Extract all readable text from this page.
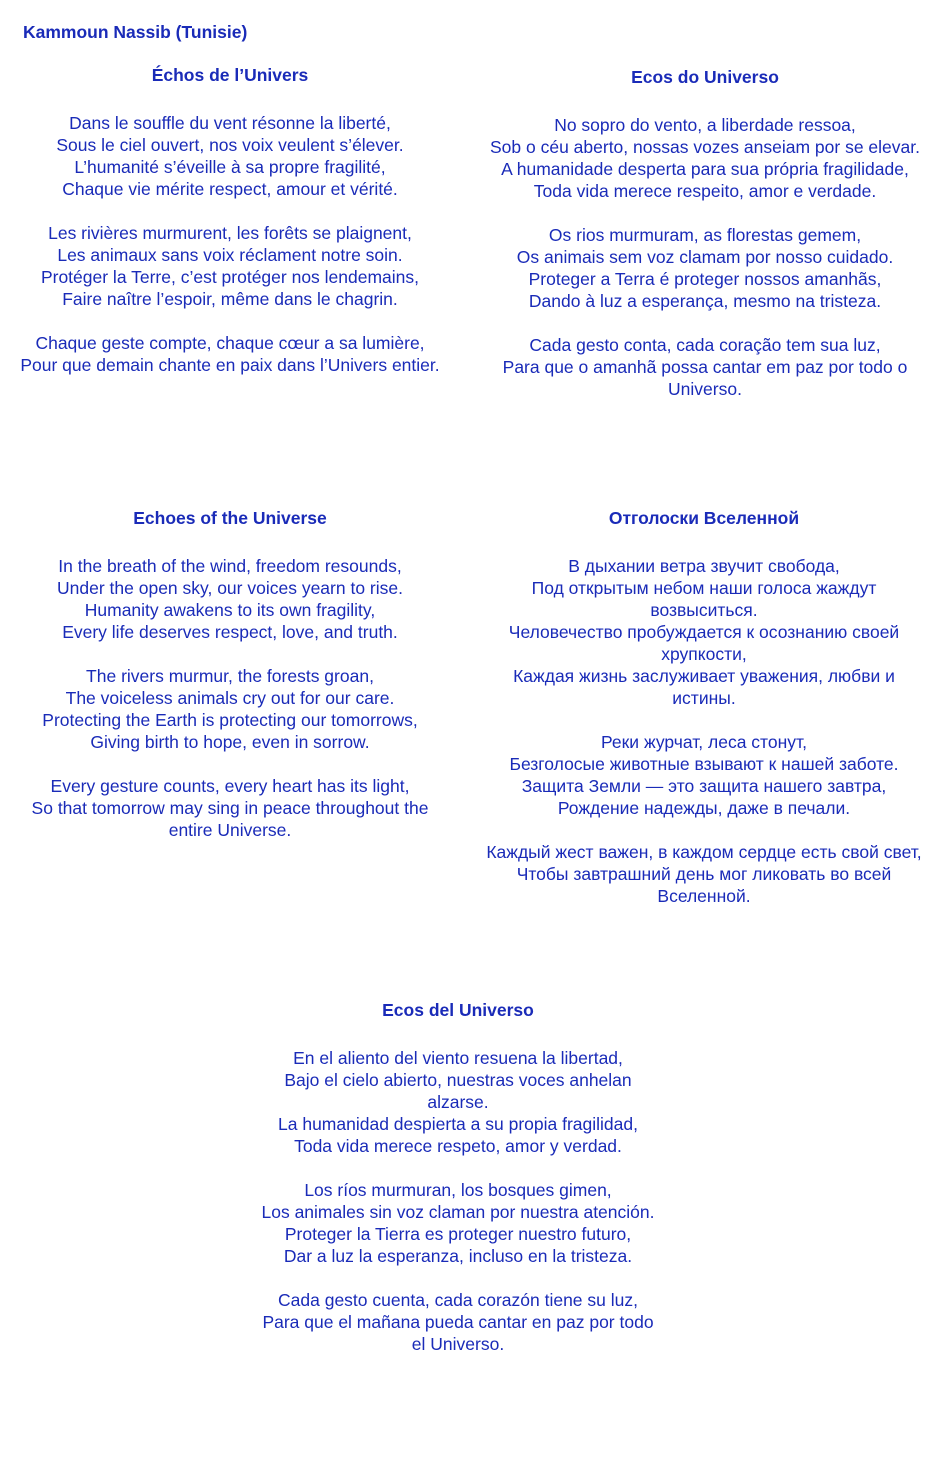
Kammoun Nassib (Tunisie)
Échos de l’Univers
Dans le souffle du vent résonne la liberté,
Sous le ciel ouvert, nos voix veulent s’élever.
L’humanité s’éveille à sa propre fragilité,
Chaque vie mérite respect, amour et vérité.
Les rivières murmurent, les forêts se plaignent,
Les animaux sans voix réclament notre soin.
Protéger la Terre, c’est protéger nos lendemains,
Faire naître l’espoir, même dans le chagrin.
Chaque geste compte, chaque cœur a sa lumière,
Pour que demain chante en paix dans l’Univers entier.
Ecos do Universo
No sopro do vento, a liberdade ressoa,
Sob o céu aberto, nossas vozes anseiam por se elevar.
A humanidade desperta para sua própria fragilidade,
Toda vida merece respeito, amor e verdade.
Os rios murmuram, as florestas gemem,
Os animais sem voz clamam por nosso cuidado.
Proteger a Terra é proteger nossos amanhãs,
Dando à luz a esperança, mesmo na tristeza.
Cada gesto conta, cada coração tem sua luz,
Para que o amanhã possa cantar em paz por todo o Universo.
Echoes of the Universe
In the breath of the wind, freedom resounds,
Under the open sky, our voices yearn to rise.
Humanity awakens to its own fragility,
Every life deserves respect, love, and truth.
The rivers murmur, the forests groan,
The voiceless animals cry out for our care.
Protecting the Earth is protecting our tomorrows,
Giving birth to hope, even in sorrow.
Every gesture counts, every heart has its light,
So that tomorrow may sing in peace throughout the entire Universe.
Отголоски Вселенной
В дыхании ветра звучит свобода,
Под открытым небом наши голоса жаждут возвыситься.
Человечество пробуждается к осознанию своей хрупкости,
Каждая жизнь заслуживает уважения, любви и истины.
Реки журчат, леса стонут,
Безголосые животные взывают к нашей заботе.
Защита Земли — это защита нашего завтра,
Рождение надежды, даже в печали.
Каждый жест важен, в каждом сердце есть свой свет,
Чтобы завтрашний день мог ликовать во всей Вселенной.
Ecos del Universo
En el aliento del viento resuena la libertad,
Bajo el cielo abierto, nuestras voces anhelan alzarse.
La humanidad despierta a su propia fragilidad,
Toda vida merece respeto, amor y verdad.
Los ríos murmuran, los bosques gimen,
Los animales sin voz claman por nuestra atención.
Proteger la Tierra es proteger nuestro futuro,
Dar a luz la esperanza, incluso en la tristeza.
Cada gesto cuenta, cada corazón tiene su luz,
Para que el mañana pueda cantar en paz por todo el Universo.
